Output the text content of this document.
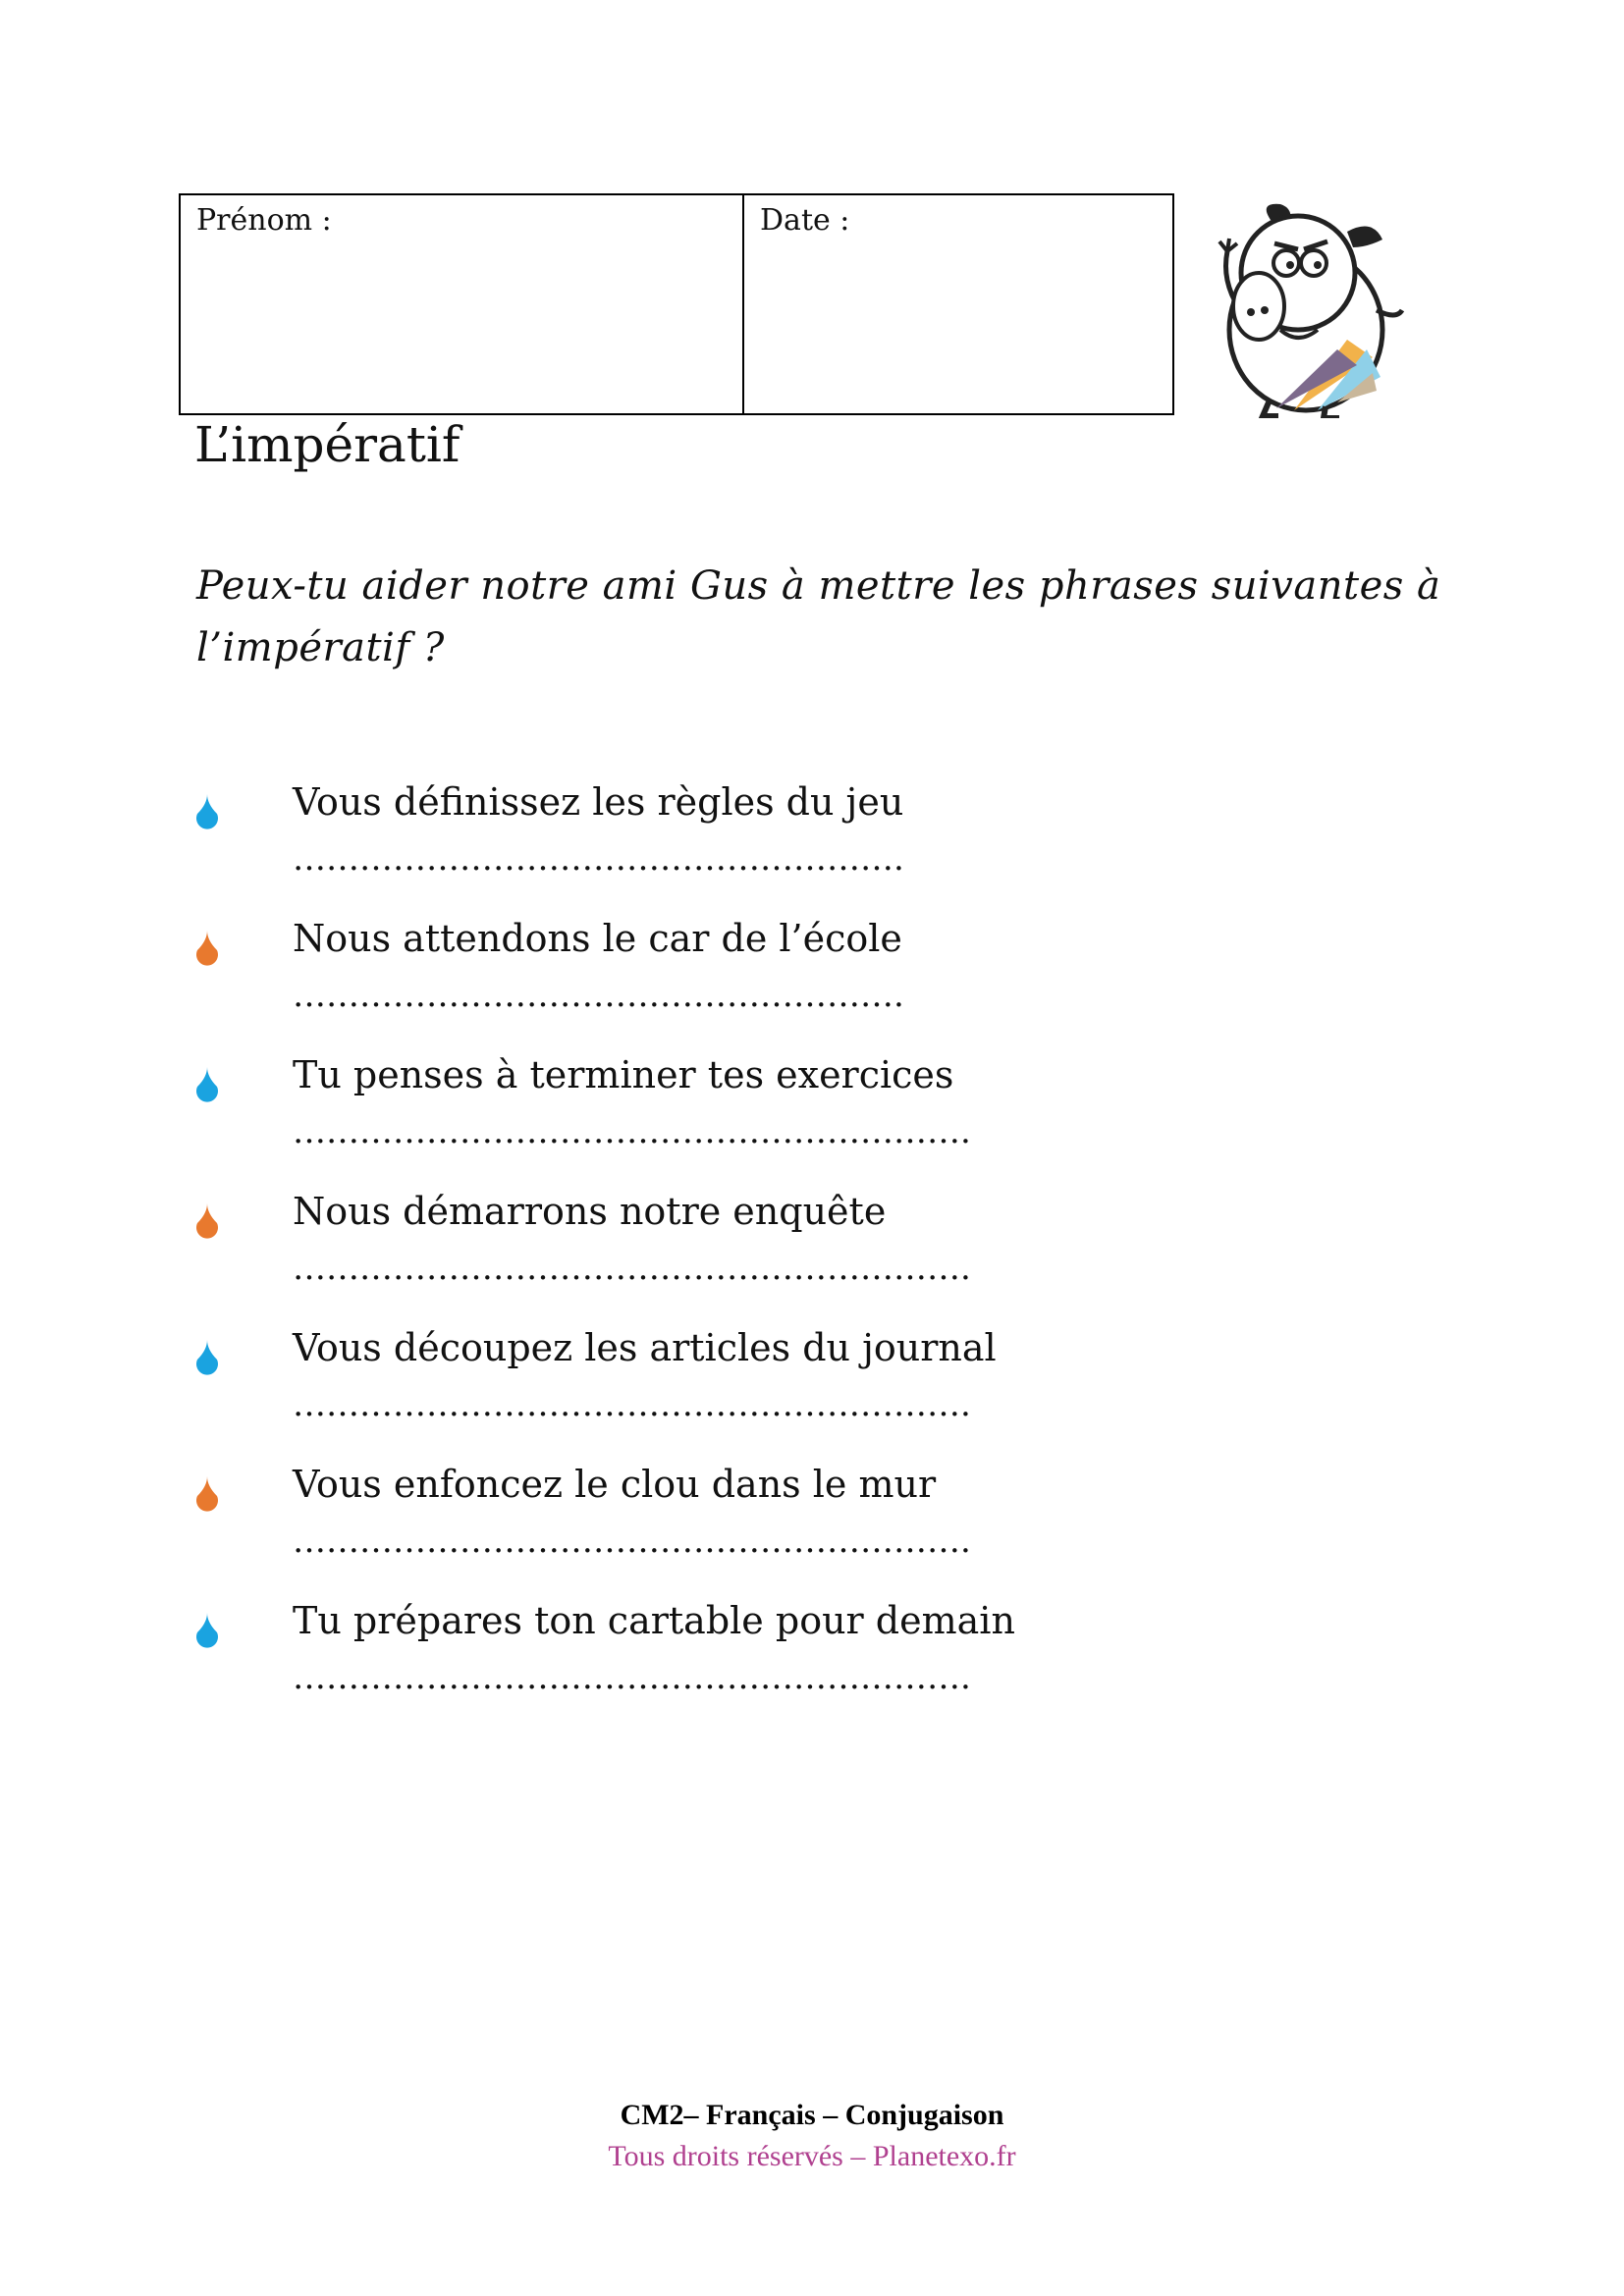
Prénom :	Date :
L’impératif
Peux-tu aider notre ami Gus à mettre les phrases suivantes à l’impératif ?
Vous définissez les règles du jeu
……………………………………………….
Nous attendons le car de l’école
……………………………………………….
Tu penses à terminer tes exercices
…………………………………………………….
Nous démarrons notre enquête
…………………………………………………….
Vous découpez les articles du journal
…………………………………………………….
Vous enfoncez le clou dans le mur
…………………………………………………….
Tu prépares ton cartable pour demain
…………………………………………………….
CM2– Français – Conjugaison
Tous droits réservés – Planetexo.fr
